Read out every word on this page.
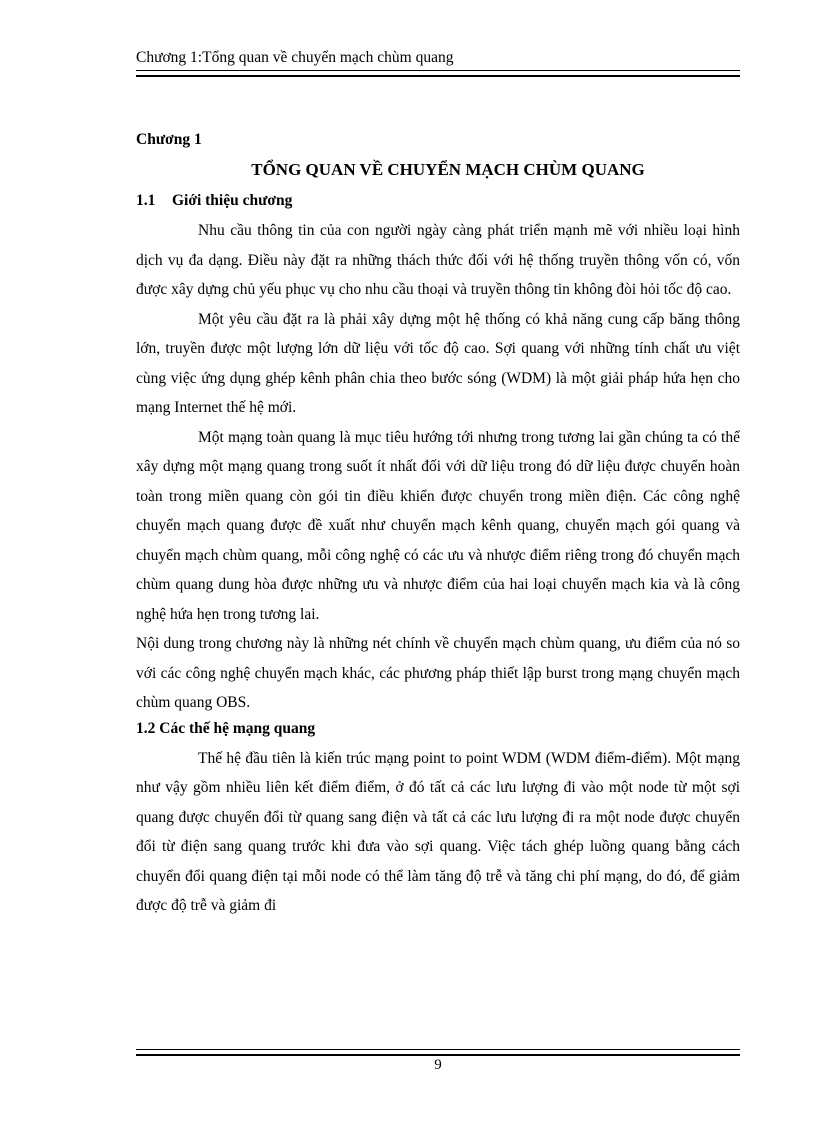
Chương 1:Tổng quan về chuyển mạch chùm quang
Chương 1
TỔNG QUAN VỀ CHUYỂN MẠCH CHÙM QUANG
1.1 Giới thiệu chương

Nhu cầu thông tin của con người ngày càng phát triển mạnh mẽ với nhiều loại hình dịch vụ đa dạng. Điều này đặt ra những thách thức đối với hệ thống truyền thông vốn có, vốn được xây dựng chủ yếu phục vụ cho nhu cầu thoại và truyền thông tin không đòi hỏi tốc độ cao.

Một yêu cầu đặt ra là phải xây dựng một hệ thống có khả năng cung cấp băng thông lớn, truyền được một lượng lớn dữ liệu với tốc độ cao. Sợi quang với những tính chất ưu việt cùng việc ứng dụng ghép kênh phân chia theo bước sóng (WDM) là một giải pháp hứa hẹn cho mạng Internet thế hệ mới.

Một mạng toàn quang là mục tiêu hướng tới nhưng trong tương lai gần chúng ta có thể xây dựng một mạng quang trong suốt ít nhất đối với dữ liệu trong đó dữ liệu được chuyển hoàn toàn trong miền quang còn gói tin điều khiển được chuyển trong miền điện. Các công nghệ chuyển mạch quang được đề xuất như chuyển mạch kênh quang, chuyển mạch gói quang và chuyển mạch chùm quang, mỗi công nghệ có các ưu và nhược điểm riêng trong đó chuyển mạch chùm quang dung hòa được những ưu và nhược điểm của hai loại chuyển mạch kia và là công nghệ hứa hẹn trong tương lai.

Nội dung trong chương này là những nét chính về chuyển mạch chùm quang, ưu điểm của nó so với các công nghệ chuyển mạch khác, các phương pháp thiết lập burst trong mạng chuyển mạch chùm quang OBS.

1.2 Các thế hệ mạng quang

Thế hệ đầu tiên là kiến trúc mạng point to point WDM (WDM điểm-điểm). Một mạng như vậy gồm nhiều liên kết điểm điểm, ở đó tất cả các lưu lượng đi vào một node từ một sợi quang được chuyển đổi từ quang sang điện và tất cả các lưu lượng đi ra một node được chuyển đổi từ điện sang quang trước khi đưa vào sợi quang. Việc tách ghép luồng quang bằng cách chuyển đổi quang điện tại mỗi node có thể làm tăng độ trễ và tăng chi phí mạng, do đó, để giảm được độ trễ và giảm đi

9
